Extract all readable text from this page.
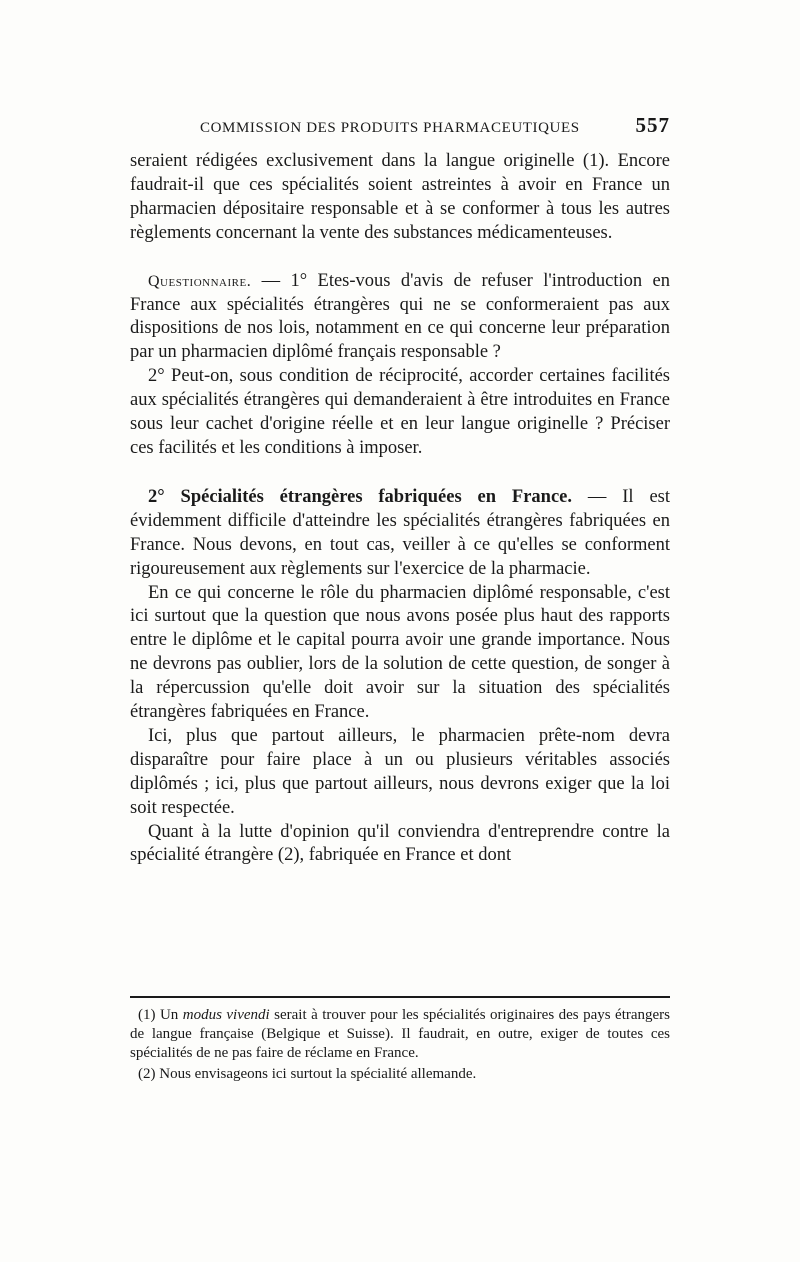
COMMISSION DES PRODUITS PHARMACEUTIQUES	557

seraient rédigées exclusivement dans la langue originelle (1). Encore faudrait-il que ces spécialités soient astreintes à avoir en France un pharmacien dépositaire responsable et à se conformer à tous les autres règlements concernant la vente des substances médicamenteuses.

Questionnaire. — 1° Etes-vous d'avis de refuser l'introduction en France aux spécialités étrangères qui ne se conformeraient pas aux dispositions de nos lois, notamment en ce qui concerne leur préparation par un pharmacien diplômé français responsable ?

2° Peut-on, sous condition de réciprocité, accorder certaines facilités aux spécialités étrangères qui demanderaient à être introduites en France sous leur cachet d'origine réelle et en leur langue originelle ? Préciser ces facilités et les conditions à imposer.

2° Spécialités étrangères fabriquées en France. — Il est évidemment difficile d'atteindre les spécialités étrangères fabriquées en France. Nous devons, en tout cas, veiller à ce qu'elles se conforment rigoureusement aux règlements sur l'exercice de la pharmacie.

En ce qui concerne le rôle du pharmacien diplômé responsable, c'est ici surtout que la question que nous avons posée plus haut des rapports entre le diplôme et le capital pourra avoir une grande importance. Nous ne devrons pas oublier, lors de la solution de cette question, de songer à la répercussion qu'elle doit avoir sur la situation des spécialités étrangères fabriquées en France.

Ici, plus que partout ailleurs, le pharmacien prête-nom devra disparaître pour faire place à un ou plusieurs véritables associés diplômés ; ici, plus que partout ailleurs, nous devrons exiger que la loi soit respectée.

Quant à la lutte d'opinion qu'il conviendra d'entreprendre contre la spécialité étrangère (2), fabriquée en France et dont

(1) Un modus vivendi serait à trouver pour les spécialités originaires des pays étrangers de langue française (Belgique et Suisse). Il faudrait, en outre, exiger de toutes ces spécialités de ne pas faire de réclame en France.

(2) Nous envisageons ici surtout la spécialité allemande.
